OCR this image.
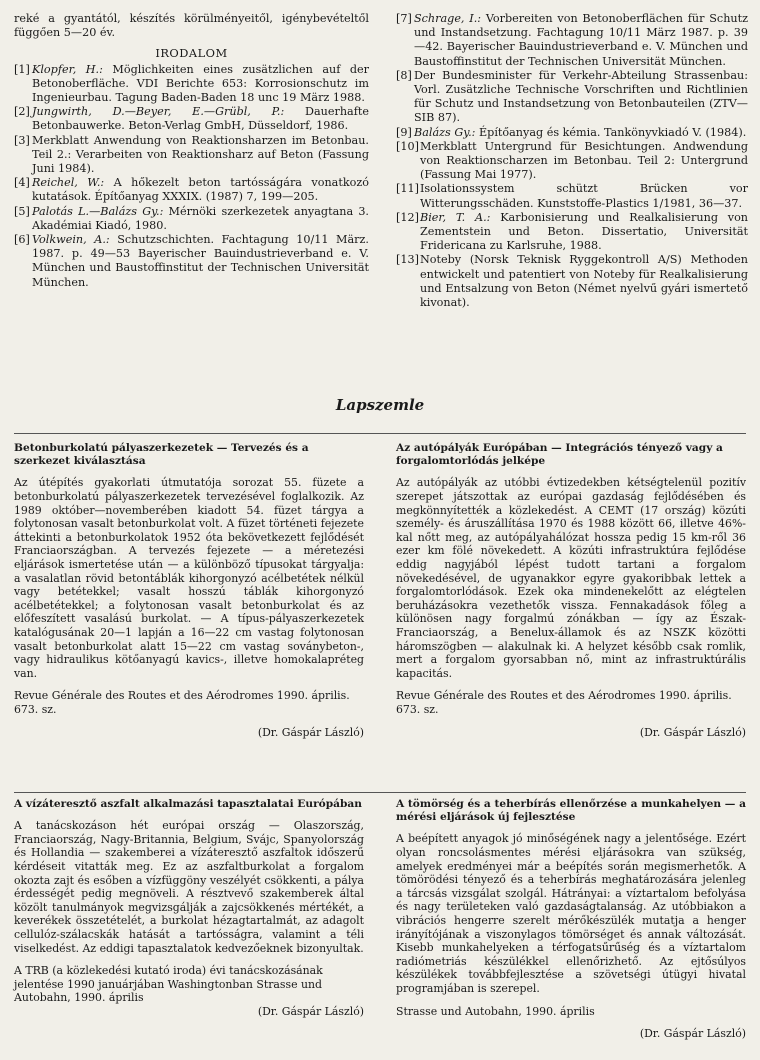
reké a gyantától, készítés körülményeitől, igénybevételtől függően 5—20 év.

IRODALOM
[1] Klopfer, H.: Möglichkeiten eines zusätzlichen auf der Betonoberfläche. VDI Berichte 653: Korrosionschutz im Ingenieurbau. Tagung Baden-Baden 18 unc 19 März 1988.
[2] Jungwirth, D.—Beyer, E.—Grübl, P.: Dauerhafte Betonbauwerke. Beton-Verlag GmbH, Düsseldorf, 1986.
[3] Merkblatt Anwendung von Reaktionsharzen im Betonbau. Teil 2.: Verarbeiten von Reaktionsharz auf Beton (Fassung Juni 1984).
[4] Reichel, W.: A hőkezelt beton tartósságára vonatkozó kutatások. Építőanyag XXXIX. (1987) 7, 199—205.
[5] Palotás L.—Balázs Gy.: Mérnöki szerkezetek anyagtana 3. Akadémiai Kiadó, 1980.
[6] Volkwein, A.: Schutzschichten. Fachtagung 10/11 März. 1987. p. 49—53 Bayerischer Bauindustrieverband e. V. München und Baustoffinstitut der Technischen Universität München.
[7] Schrage, I.: Vorbereiten von Betonoberflächen für Schutz und Instandsetzung. Fachtagung 10/11 März 1987. p. 39—42. Bayerischer Bauindustrieverband e. V. München und Baustoffinstitut der Technischen Universität München.
[8] Der Bundesminister für Verkehr-Abteilung Strassenbau: Vorl. Zusätzliche Technische Vorschriften und Richtlinien für Schutz und Instandsetzung von Betonbauteilen (ZTV—SIB 87).
[9] Balázs Gy.: Építőanyag és kémia. Tankönyvkiadó V. (1984).
[10] Merkblatt Untergrund für Besichtungen. Andwendung von Reaktionscharzen im Betonbau. Teil 2: Untergrund (Fassung Mai 1977).
[11] Isolationssystem schützt Brücken vor Witterungsschäden. Kunststoffe-Plastics 1/1981, 36—37.
[12] Bier, T. A.: Karbonisierung und Realkalisierung von Zementstein und Beton. Dissertatio, Universität Fridericana zu Karlsruhe, 1988.
[13] Noteby (Norsk Teknisk Ryggekontroll A/S) Methoden entwickelt und patentiert von Noteby für Realkalisierung und Entsalzung von Beton (Német nyelvű gyári ismertető kivonat).
Lapszemle
Betonburkolatú pályaszerkezetek — Tervezés és a szerkezet kiválasztása
Az útépítés gyakorlati útmutatója sorozat 55. füzete a betonburkolatú pályaszerkezetek tervezésével foglalkozik. Az 1989 október—novemberében kiadott 54. füzet tárgya a folytonosan vasalt betonburkolat volt. A füzet történeti fejezete áttekinti a betonburkolatok 1952 óta bekövetkezett fejlődését Franciaországban. A tervezés fejezete — a méretezési eljárások ismertetése után — a különböző típusokat tárgyalja: a vasalatlan rövid betontáblák kihorgonyzó acélbetétek nélkül vagy betétekkel; vasalt hosszú táblák kihorgonyzó acélbetétekkel; a folytonosan vasalt betonburkolat és az előfeszített vasalású burkolat. — A típus-pályaszerkezetek katalógusának 20—1 lapján a 16—22 cm vastag folytonosan vasalt betonburkolat alatt 15—22 cm vastag soványbeton-, vagy hidraulikus kötőanyagú kavics-, illetve homokalapréteg van.
Revue Générale des Routes et des Aérodromes 1990. április. 673. sz.
(Dr. Gáspár László)
Az autópályák Európában — Integrációs tényező vagy a forgalomtorlódás jelképe
Az autópályák az utóbbi évtizedekben kétségtelenül pozitív szerepet játszottak az európai gazdaság fejlődésében és megkönnyítették a közlekedést. A CEMT (17 ország) közúti személy- és áruszállítása 1970 és 1988 között 66, illetve 46%-kal nőtt meg, az autópályahálózat hossza pedig 15 km-ről 36 ezer km fölé növekedett. A közúti infrastruktúra fejlődése eddig nagyjából lépést tudott tartani a forgalom növekedésével, de ugyanakkor egyre gyakoribbak lettek a forgalomtorlódások. Ezek oka mindenekelőtt az elégtelen beruházásokra vezethetők vissza. Fennakadások főleg a különösen nagy forgalmú zónákban — így az Észak-Franciaország, a Benelux-államok és az NSZK közötti háromszögben — alakulnak ki. A helyzet később csak romlik, mert a forgalom gyorsabban nő, mint az infrastruktúrális kapacitás.
Revue Générale des Routes et des Aérodromes 1990. április. 673. sz.
(Dr. Gáspár László)
A vízáteresztő aszfalt alkalmazási tapasztalatai Európában
A tanácskozáson hét európai ország — Olaszország, Franciaország, Nagy-Britannia, Belgium, Svájc, Spanyolország és Hollandia — szakemberei a vízáteresztő aszfaltok időszerű kérdéseit vitatták meg. Ez az aszfaltburkolat a forgalom okozta zajt és esőben a vízfüggöny veszélyét csökkenti, a pálya érdességét pedig megnöveli. A résztvevő szakemberek által közölt tanulmányok megvizsgálják a zajcsökkenés mértékét, a keverékek összetételét, a burkolat hézagtartalmát, az adagolt cellulóz-szálacskák hatását a tartósságra, valamint a téli viselkedést. Az eddigi tapasztalatok kedvezőeknek bizonyultak.
A TRB (a közlekedési kutató iroda) évi tanácskozásának jelentése 1990 januárjában Washingtonban Strasse und Autobahn, 1990. április
(Dr. Gáspár László)
A tömörség és a teherbírás ellenőrzése a munkahelyen — a mérési eljárások új fejlesztése
A beépített anyagok jó minőségének nagy a jelentősége. Ezért olyan roncsolásmentes mérési eljárásokra van szükség, amelyek eredményei már a beépítés során megismerhetők. A tömörödési tényező és a teherbírás meghatározására jelenleg a tárcsás vizsgálat szolgál. Hátrányai: a víztartalom befolyása és nagy területeken való gazdaságtalanság. Az utóbbiakon a vibrációs hengerre szerelt mérőkészülék mutatja a henger irányítójának a viszonylagos tömörséget és annak változását. Kisebb munkahelyeken a térfogatsűrűség és a víztartalom radiómetriás készülékkel ellenőrizhető. Az ejtősúlyos készülékek továbbfejlesztése a szövetségi útügyi hivatal programjában is szerepel.
Strasse und Autobahn, 1990. április
(Dr. Gáspár László)
